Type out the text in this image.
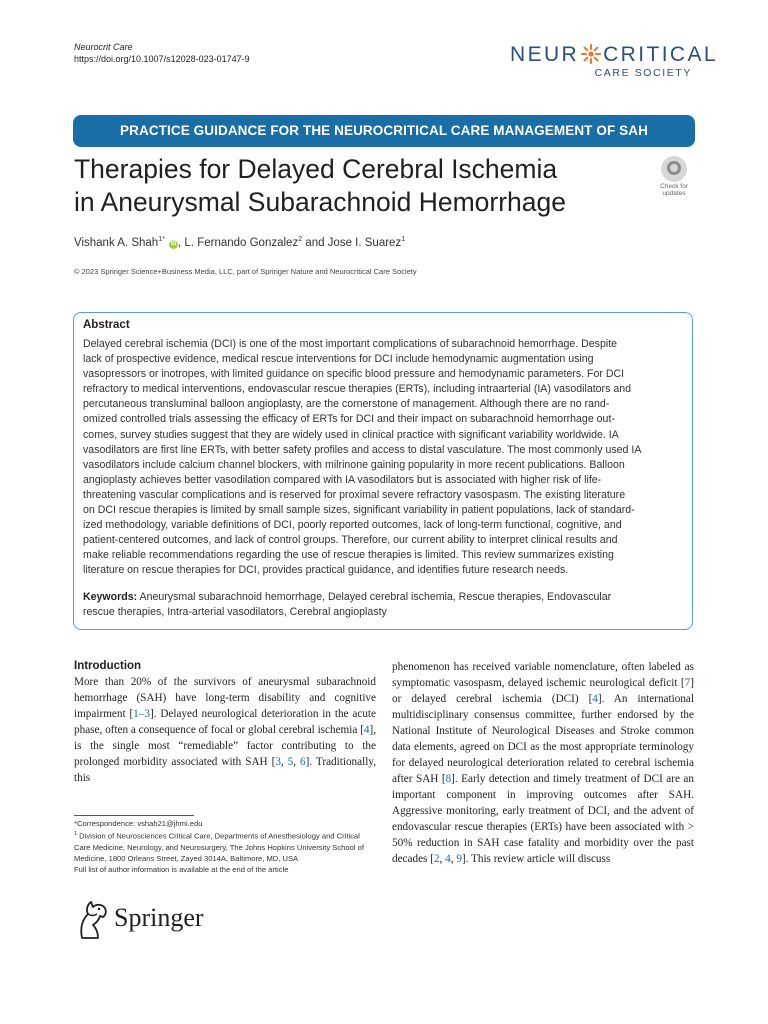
Neurocrit Care
https://doi.org/10.1007/s12028-023-01747-9	NEUR CRITICAL
CARE SOCIETY
PRACTICE GUIDANCE FOR THE NEUROCRITICAL CARE MANAGEMENT OF SAH
Therapies for Delayed Cerebral Ischemia
in Aneurysmal Subarachnoid Hemorrhage
Check for
updates
Vishank A. Shah$^{1*}$ iD , L. Fernando Gonzalez$^2$ and Jose I. Suarez$^1$
© 2023 Springer Science+Business Media, LLC, part of Springer Nature and Neurocritical Care Society
Abstract
Delayed cerebral ischemia (DCI) is one of the most important complications of subarachnoid hemorrhage. Despite
lack of prospective evidence, medical rescue interventions for DCI include hemodynamic augmentation using
vasopressors or inotropes, with limited guidance on specific blood pressure and hemodynamic parameters. For DCI
refractory to medical interventions, endovascular rescue therapies (ERTs), including intraarterial (IA) vasodilators and
percutaneous transluminal balloon angioplasty, are the cornerstone of management. Although there are no rand-
omized controlled trials assessing the efficacy of ERTs for DCI and their impact on subarachnoid hemorrhage out-
comes, survey studies suggest that they are widely used in clinical practice with significant variability worldwide. IA
vasodilators are first line ERTs, with better safety profiles and access to distal vasculature. The most commonly used IA
vasodilators include calcium channel blockers, with milrinone gaining popularity in more recent publications. Balloon
angioplasty achieves better vasodilation compared with IA vasodilators but is associated with higher risk of life-
threatening vascular complications and is reserved for proximal severe refractory vasospasm. The existing literature
on DCI rescue therapies is limited by small sample sizes, significant variability in patient populations, lack of standard-
ized methodology, variable definitions of DCI, poorly reported outcomes, lack of long-term functional, cognitive, and
patient-centered outcomes, and lack of control groups. Therefore, our current ability to interpret clinical results and
make reliable recommendations regarding the use of rescue therapies is limited. This review summarizes existing
literature on rescue therapies for DCI, provides practical guidance, and identifies future research needs.
Keywords: Aneurysmal subarachnoid hemorrhage, Delayed cerebral ischemia, Rescue therapies, Endovascular
rescue therapies, Intra-arterial vasodilators, Cerebral angioplasty
Introduction
More than 20% of the survivors of aneurysmal subarachnoid hemorrhage (SAH) have long-term disability and cognitive impairment [1–3]. Delayed neurological deterioration in the acute phase, often a consequence of focal or global cerebral ischemia [4], is the single most “remediable” factor contributing to the prolonged morbidity associated with SAH [3, 5, 6]. Traditionally, this
phenomenon has received variable nomenclature, often labeled as symptomatic vasospasm, delayed ischemic neurological deficit [7] or delayed cerebral ischemia (DCI) [4]. An international multidisciplinary consensus committee, further endorsed by the National Institute of Neurological Diseases and Stroke common data elements, agreed on DCI as the most appropriate terminology for delayed neurological deterioration related to cerebral ischemia after SAH [8]. Early detection and timely treatment of DCI are an important component in improving outcomes after SAH. Aggressive monitoring, early treatment of DCI, and the advent of endovascular rescue therapies (ERTs) have been associated with > 50% reduction in SAH case fatality and morbidity over the past decades [2, 4, 9]. This review article will discuss
*Correspondence: vshah21@jhmi.edu
$^1$ Division of Neurosciences Critical Care, Departments of Anesthesiology and Critical Care Medicine, Neurology, and Neurosurgery, The Johns Hopkins University School of Medicine, 1800 Orleans Street, Zayed 3014A, Baltimore, MD, USA
Full list of author information is available at the end of the article
Springer
